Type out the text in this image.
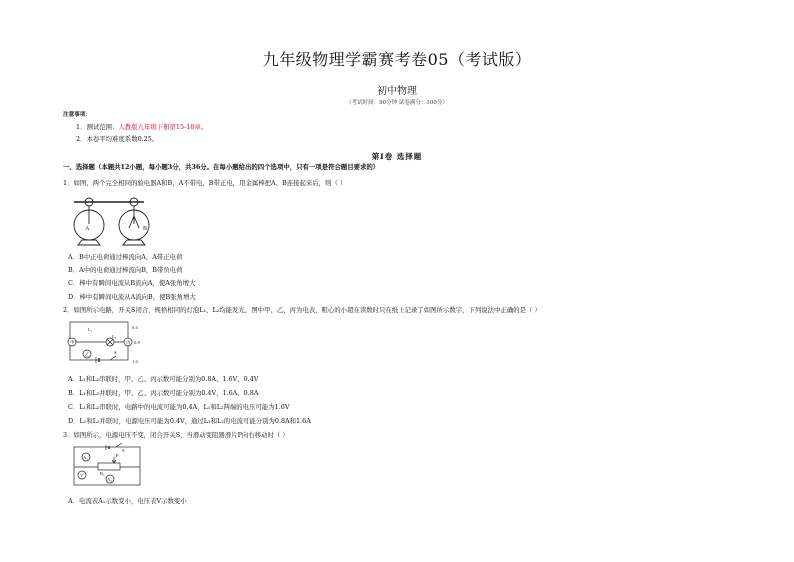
九年级物理学霸赛考卷05（考试版）
初中物理
（考试时间：90分钟 试卷满分：100分）
注意事项：
1．测试范围：人教版九年级下册第15-18章。
2．本卷平均难度系数0.25。
第Ⅰ卷 选择题
一、选择题（本题共12小题，每小题3分，共36分。在每小题给出的四个选项中，只有一项是符合题目要求的）
1．如图，两个完全相同的验电器A和B，A不带电，B带正电，用金属棒把A、B连接起来后，则（ ）
A	B
A．B中正电荷通过棒流向A，A带正电荷
B．A中的电荷通过棒流向B，B带负电荷
C．棒中有瞬间电流从B流向A，使A张角增大
D．棒中有瞬间电流从A流向B，使B张角增大
2．如图所示电路，开关S闭合，规格相同的灯泡L₁、L₂均能发光，图中甲、乙、丙为电表，粗心的小超在读数时只在纸上记录了如图所示数字，下列说法中正确的是（ ）
甲
乙
丙
L₁
L₂
S
0.4
0.8
1.6
A．L₁和L₂串联时，甲、乙、丙示数可能分别为0.8A、1.6V、0.4V
B．L₁和L₂并联时，甲、乙、丙示数可能分别为0.4V、1.6A、0.8A
C．L₁和L₂串联时，电路中的电流可能为0.4A，L₁和L₂两端的电压可能为1.6V
D．L₁和L₂并联时，电源电压可能为0.4V，通过L₁和L₂的电流可能分别为0.8A和1.6A
3．如图所示，电源电压不变，闭合开关S，当滑动变阻器滑片P向右移动时（ ）
A₁
V
A₂
S
R₁
P
A．电流表A₁示数变小，电压表V示数变小
